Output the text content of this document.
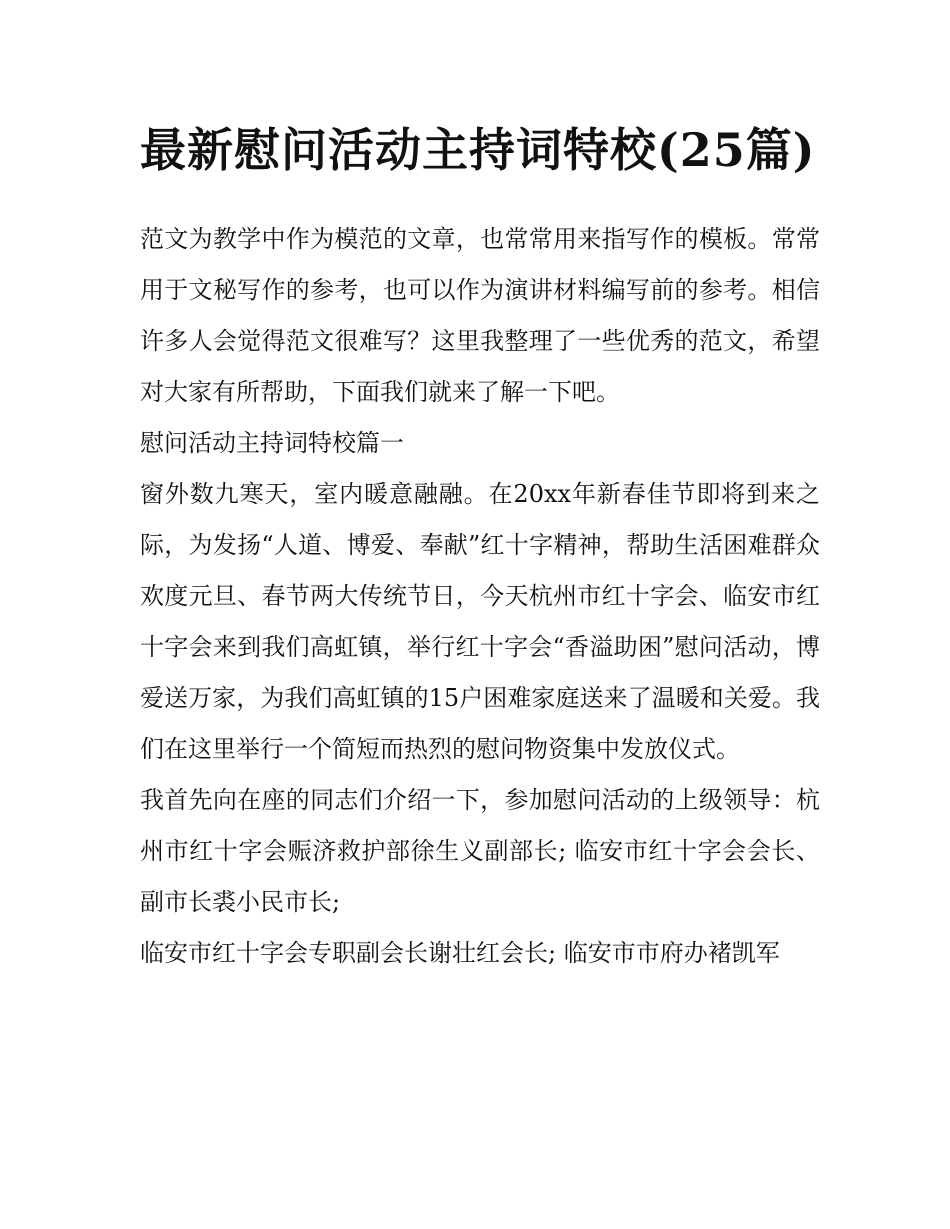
最新慰问活动主持词特校(25篇)

范文为教学中作为模范的文章，也常常用来指写作的模板。常常用于文秘写作的参考，也可以作为演讲材料编写前的参考。相信许多人会觉得范文很难写？这里我整理了一些优秀的范文，希望对大家有所帮助，下面我们就来了解一下吧。

慰问活动主持词特校篇一

窗外数九寒天，室内暖意融融。在20xx年新春佳节即将到来之际，为发扬“人道、博爱、奉献”红十字精神，帮助生活困难群众欢度元旦、春节两大传统节日，今天杭州市红十字会、临安市红十字会来到我们高虹镇，举行红十字会“香溢助困”慰问活动，博爱送万家，为我们高虹镇的15户困难家庭送来了温暖和关爱。我们在这里举行一个简短而热烈的慰问物资集中发放仪式。

我首先向在座的同志们介绍一下，参加慰问活动的上级领导：杭州市红十字会赈济救护部徐生义副部长; 临安市红十字会会长、副市长裘小民市长;

临安市红十字会专职副会长谢壮红会长; 临安市市府办褚凯军
